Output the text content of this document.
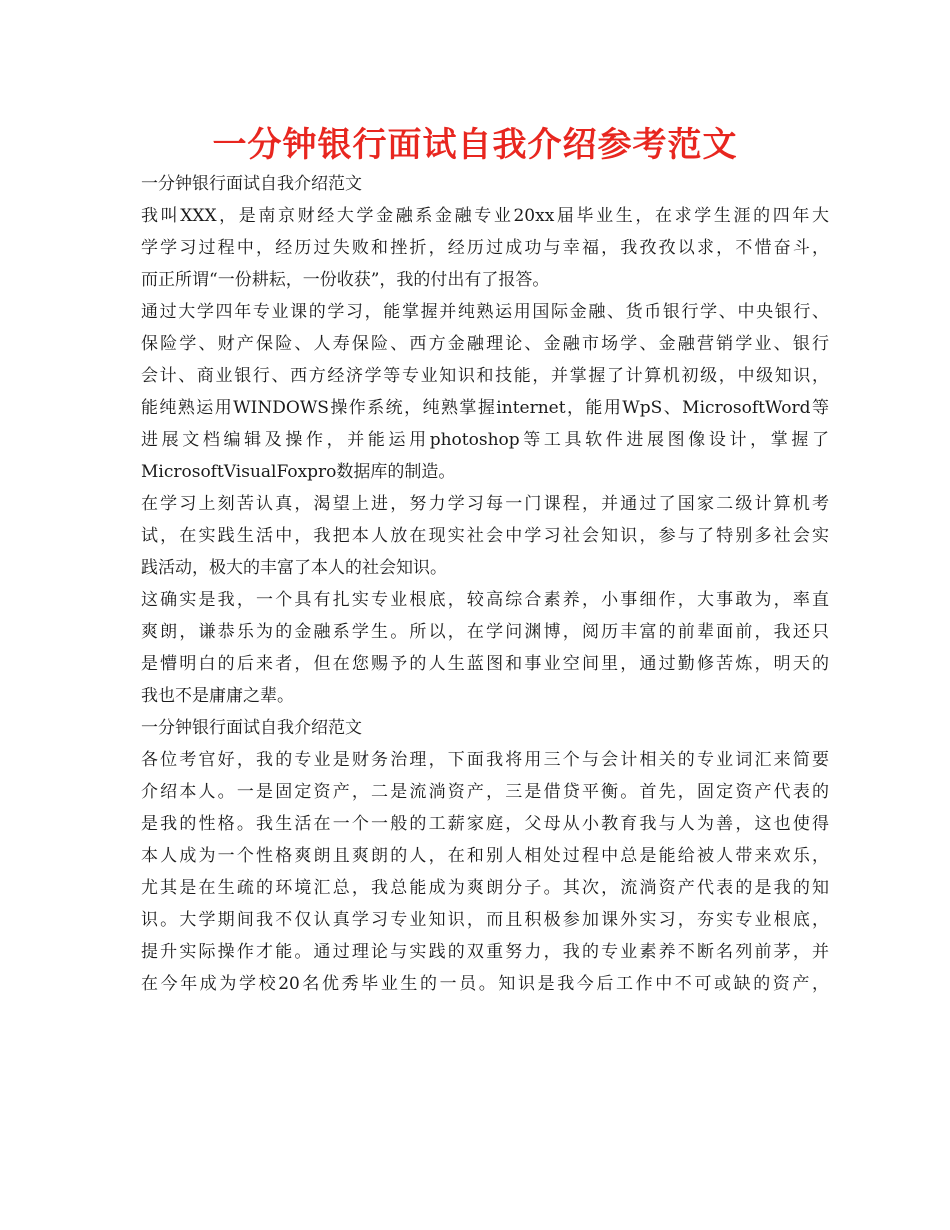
一分钟银行面试自我介绍参考范文
一分钟银行面试自我介绍范文
我叫XXX，是南京财经大学金融系金融专业20xx届毕业生，在求学生涯的四年大
学学习过程中，经历过失败和挫折，经历过成功与幸福，我孜孜以求，不惜奋斗，
而正所谓“一份耕耘，一份收获”，我的付出有了报答。
通过大学四年专业课的学习，能掌握并纯熟运用国际金融、货币银行学、中央银行、
保险学、财产保险、人寿保险、西方金融理论、金融市场学、金融营销学业、银行
会计、商业银行、西方经济学等专业知识和技能，并掌握了计算机初级，中级知识，
能纯熟运用WINDOWS操作系统，纯熟掌握internet，能用WpS、MicrosoftWord等
进展文档编辑及操作，并能运用photoshop等工具软件进展图像设计，掌握了
MicrosoftVisualFoxpro数据库的制造。
在学习上刻苦认真，渴望上进，努力学习每一门课程，并通过了国家二级计算机考
试，在实践生活中，我把本人放在现实社会中学习社会知识，参与了特别多社会实
践活动，极大的丰富了本人的社会知识。
这确实是我，一个具有扎实专业根底，较高综合素养，小事细作，大事敢为，率直
爽朗，谦恭乐为的金融系学生。所以，在学问渊博，阅历丰富的前辈面前，我还只
是懵明白的后来者，但在您赐予的人生蓝图和事业空间里，通过勤修苦炼，明天的
我也不是庸庸之辈。
一分钟银行面试自我介绍范文
各位考官好，我的专业是财务治理，下面我将用三个与会计相关的专业词汇来简要
介绍本人。一是固定资产，二是流淌资产，三是借贷平衡。首先，固定资产代表的
是我的性格。我生活在一个一般的工薪家庭，父母从小教育我与人为善，这也使得
本人成为一个性格爽朗且爽朗的人，在和别人相处过程中总是能给被人带来欢乐，
尤其是在生疏的环境汇总，我总能成为爽朗分子。其次，流淌资产代表的是我的知
识。大学期间我不仅认真学习专业知识，而且积极参加课外实习，夯实专业根底，
提升实际操作才能。通过理论与实践的双重努力，我的专业素养不断名列前茅，并
在今年成为学校20名优秀毕业生的一员。知识是我今后工作中不可或缺的资产，
